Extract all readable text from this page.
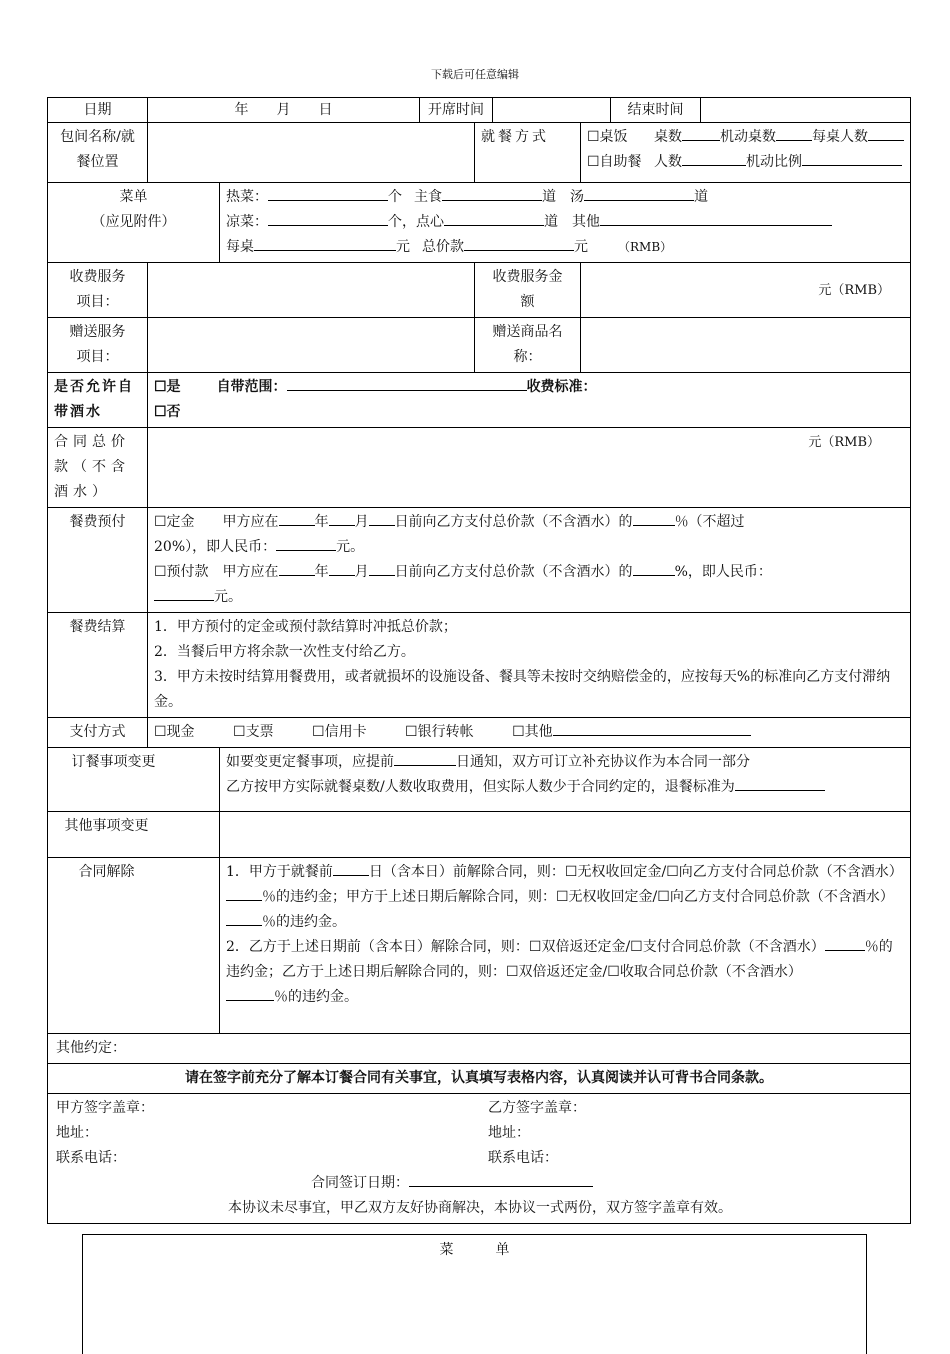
下载后可任意编辑
日期	年　　月　　日	开席时间		结束时间	
包间名称/就餐位置		就餐方式	☐桌饭 桌数	机动桌数	每桌人数
☐自助餐 人数	机动比例

菜单
（应见附件）

热菜：	个 主食	道 汤	道
凉菜：	个，点心	道 其他
每桌	元 总价款	元	（RMB）

收费服务项目：		收费服务金额	元（RMB）
赠送服务项目：		赠送商品名称：	
是否允许自带酒水	
☐是	自带范围：	收费标准：
☐否

合同总价款（不含酒水）	元（RMB）
餐费预付	☐定金　　甲方应在	年 月 日前向乙方支付总价款（不含酒水）的	％（不超过
20%），即人民币：	元。
☐预付款　甲方应在	年 月 日前向乙方支付总价款（不含酒水）的	%，即人民币：
元。

餐费结算	1．甲方预付的定金或预付款结算时冲抵总价款；
2．当餐后甲方将余款一次性支付给乙方。
3．甲方未按时结算用餐费用，或者就损坏的设施设备、餐具等未按时交纳赔偿金的，应按每天%的标准向乙方支付滞纳金。

支付方式	☐现金	☐支票	☐信用卡	☐银行转帐	☐其他
订餐事项变更	如要变更定餐事项，应提前	日通知，双方可订立补充协议作为本合同一部分
乙方按甲方实际就餐桌数/人数收取费用，但实际人数少于合同约定的，退餐标准为

其他事项变更	
合同解除	1．甲方于就餐前	日（含本日）前解除合同，则：☐无权收回定金/☐向乙方支付合同总价款（不含酒水）％的违约金；甲方于上述日期后解除合同，则：☐无权收回定金/☐向乙方支付合同总价款（不含酒水）％的违约金。
2．乙方于上述日期前（含本日）解除合同，则：☐双倍返还定金/☐支付合同总价款（不含酒水）	％的违约金；乙方于上述日期后解除合同的，则：☐双倍返还定金/☐收取合同总价款（不含酒水）
％的违约金。

其他约定：
请在签字前充分了解本订餐合同有关事宜，认真填写表格内容，认真阅读并认可背书合同条款。

甲方签字盖章：	乙方签字盖章：
地址：	地址：
联系电话：	联系电话：
合同签订日期：
本协议未尽事宜，甲乙双方友好协商解决，本协议一式两份，双方签字盖章有效。
菜　　　单
